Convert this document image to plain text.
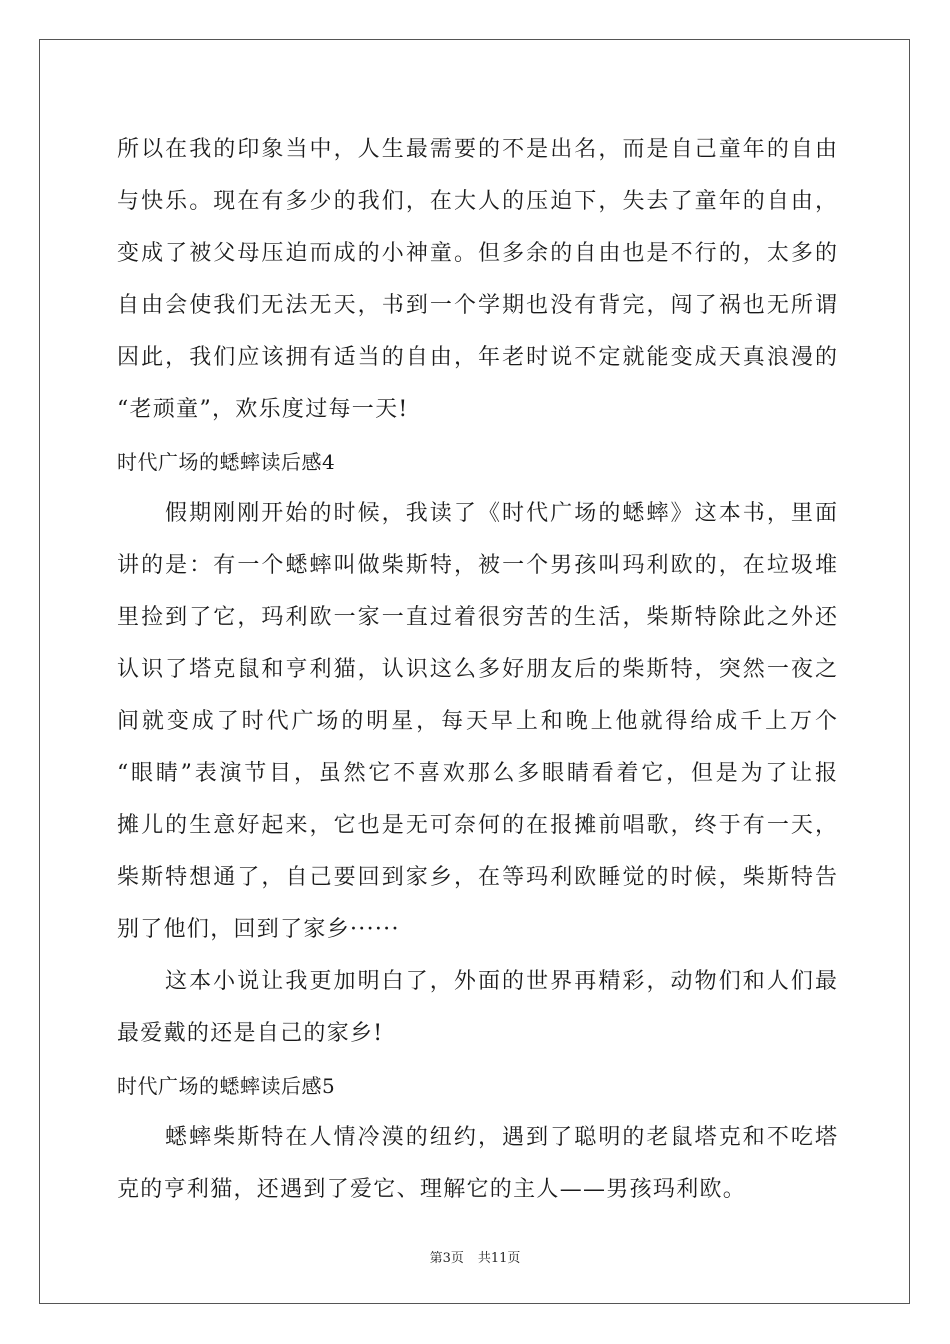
所以在我的印象当中，人生最需要的不是出名，而是自己童年的自由
与快乐。现在有多少的我们，在大人的压迫下，失去了童年的自由，
变成了被父母压迫而成的小神童。但多余的自由也是不行的，太多的
自由会使我们无法无天，书到一个学期也没有背完，闯了祸也无所谓
因此，我们应该拥有适当的自由，年老时说不定就能变成天真浪漫的
“老顽童”，欢乐度过每一天!
时代广场的蟋蟀读后感4
假期刚刚开始的时候，我读了《时代广场的蟋蟀》这本书，里面
讲的是：有一个蟋蟀叫做柴斯特，被一个男孩叫玛利欧的，在垃圾堆
里捡到了它，玛利欧一家一直过着很穷苦的生活，柴斯特除此之外还
认识了塔克鼠和亨利猫，认识这么多好朋友后的柴斯特，突然一夜之
间就变成了时代广场的明星，每天早上和晚上他就得给成千上万个
“眼睛”表演节目，虽然它不喜欢那么多眼睛看着它，但是为了让报
摊儿的生意好起来，它也是无可奈何的在报摊前唱歌，终于有一天，
柴斯特想通了，自己要回到家乡，在等玛利欧睡觉的时候，柴斯特告
别了他们，回到了家乡······
这本小说让我更加明白了，外面的世界再精彩，动物们和人们最
最爱戴的还是自己的家乡!
时代广场的蟋蟀读后感5
蟋蟀柴斯特在人情冷漠的纽约，遇到了聪明的老鼠塔克和不吃塔
克的亨利猫，还遇到了爱它、理解它的主人——男孩玛利欧。
第3页 共11页
